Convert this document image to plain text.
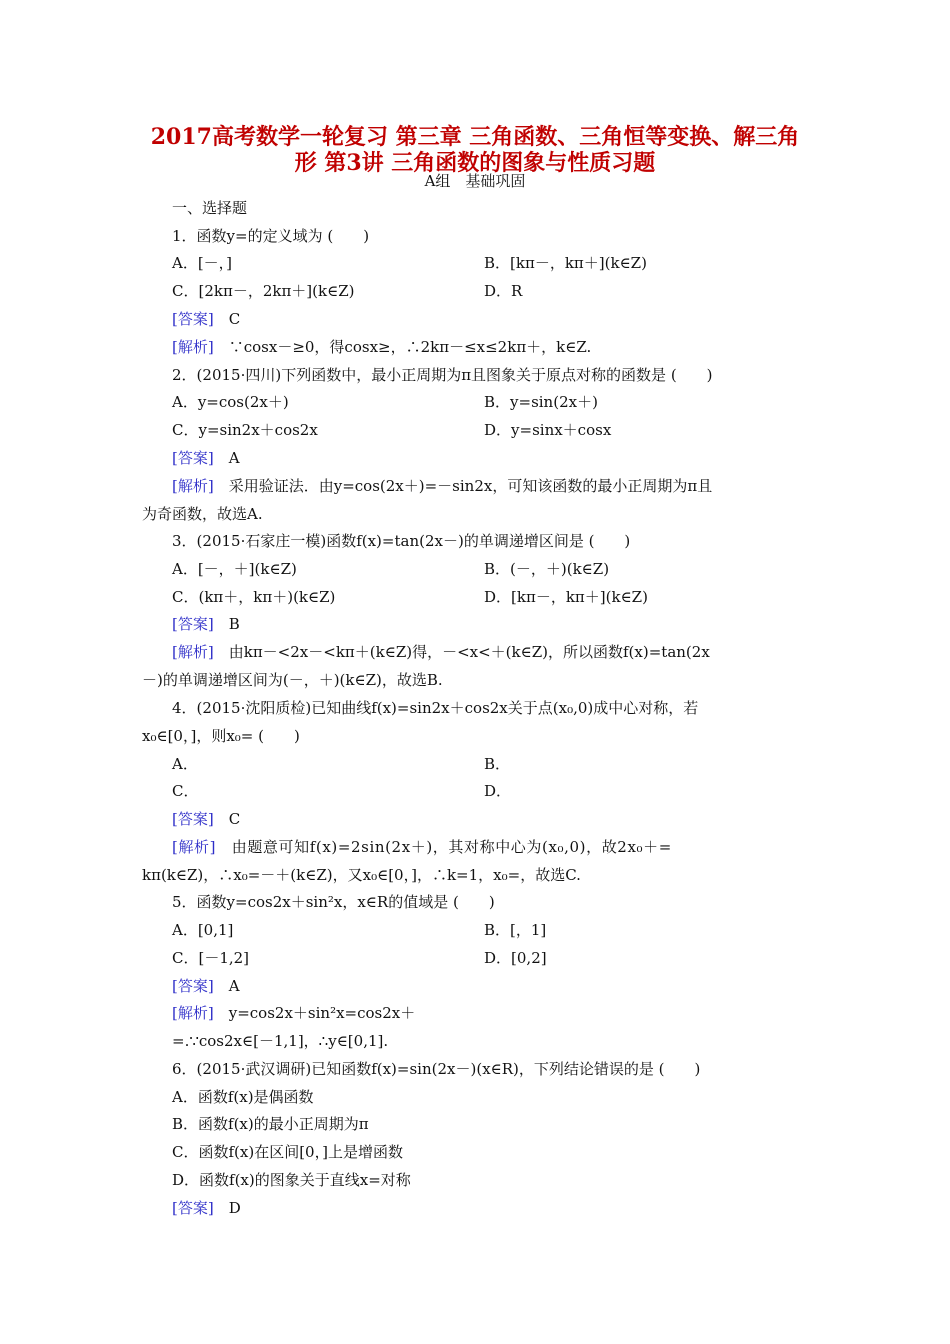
2017高考数学一轮复习 第三章 三角函数、三角恒等变换、解三角
形 第3讲 三角函数的图象与性质习题
A组　基础巩固
一、选择题
1．函数y=的定义域为 (　　)
A．[－，]	B．[kπ－，kπ＋](k∈Z)
C．[2kπ－，2kπ＋](k∈Z)	D．R
[答案]　 C
[解析]　 ∵cosx－≥0，得cosx≥，∴2kπ－≤x≤2kπ＋，k∈Z.
2．(2015·四川)下列函数中，最小正周期为π且图象关于原点对称的函数是 (　　)
A．y=cos(2x＋)	B．y=sin(2x＋)
C．y=sin2x＋cos2x	D．y=sinx＋cosx
[答案]　 A
[解析]　 采用验证法．由y=cos(2x＋)=－sin2x，可知该函数的最小正周期为π且
为奇函数，故选A.
3．(2015·石家庄一模)函数f(x)=tan(2x－)的单调递增区间是 (　　)
A．[－，＋](k∈Z)	B．(－，＋)(k∈Z)
C．(kπ＋，kπ＋)(k∈Z)	D．[kπ－，kπ＋](k∈Z)
[答案]　 B
[解析]　 由kπ－<2x－<kπ＋(k∈Z)得，－<x<＋(k∈Z)，所以函数f(x)=tan(2x
－)的单调递增区间为(－，＋)(k∈Z)，故选B.
4．(2015·沈阳质检)已知曲线f(x)=sin2x＋cos2x关于点(x₀,0)成中心对称，若
x₀∈[0，]，则x₀= (　　)
A．	B．
C．	D．
[答案]　 C
[解析]　 由题意可知f(x)=2sin(2x＋)，其对称中心为(x₀,0)，故2x₀＋=
kπ(k∈Z)，∴x₀=－＋(k∈Z)，又x₀∈[0，]，∴k=1，x₀=，故选C.
5．函数y=cos2x＋sin²x，x∈R的值域是 (　　)
A．[0,1]	B．[，1]
C．[－1,2]	D．[0,2]
[答案]　 A
[解析]　 y=cos2x＋sin²x=cos2x＋
=.∵cos2x∈[－1,1]，∴y∈[0,1].
6．(2015·武汉调研)已知函数f(x)=sin(2x－)(x∈R)，下列结论错误的是 (　　)
A．函数f(x)是偶函数
B．函数f(x)的最小正周期为π
C．函数f(x)在区间[0，]上是增函数
D．函数f(x)的图象关于直线x=对称
[答案]　 D
